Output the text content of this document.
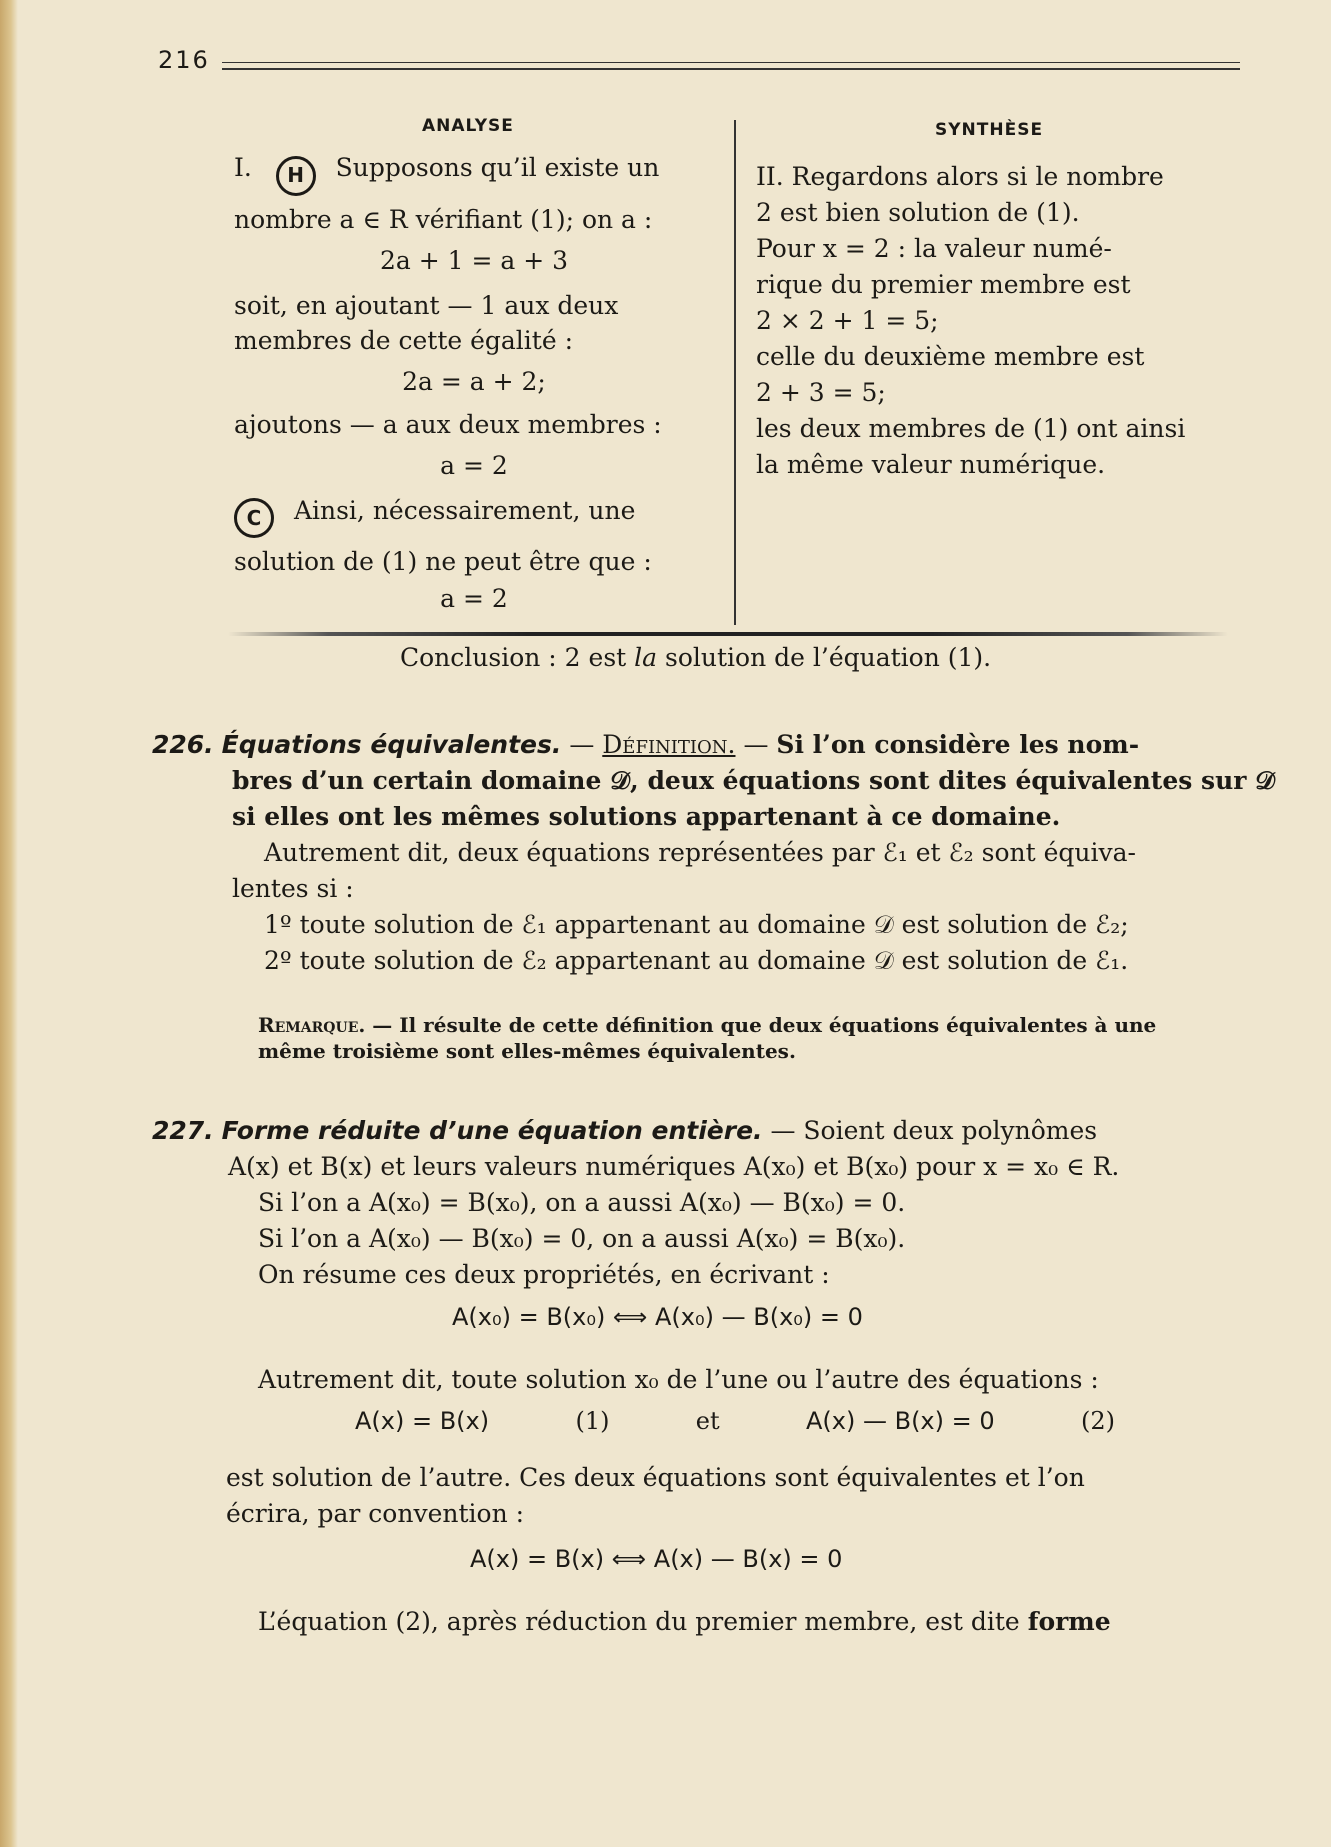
216
ANALYSE
I. H Supposons qu’il existe un
nombre a ∈ R vérifiant (1); on a :
2a + 1 = a + 3
soit, en ajoutant — 1 aux deux
membres de cette égalité :
2a = a + 2;
ajoutons — a aux deux membres :
a = 2
C Ainsi, nécessairement, une
solution de (1) ne peut être que :
a = 2
SYNTHÈSE
II. Regardons alors si le nombre
2 est bien solution de (1).
Pour x = 2 : la valeur numé-
rique du premier membre est
2 × 2 + 1 = 5;
celle du deuxième membre est
2 + 3 = 5;
les deux membres de (1) ont ainsi
la même valeur numérique.
Conclusion : 2 est la solution de l’équation (1).
226. Équations équivalentes. — Définition. — Si l’on considère les nom-
bres d’un certain domaine 𝒟, deux équations sont dites équivalentes sur 𝒟
si elles ont les mêmes solutions appartenant à ce domaine.
Autrement dit, deux équations représentées par ℰ₁ et ℰ₂ sont équiva-
lentes si :
1º toute solution de ℰ₁ appartenant au domaine 𝒟 est solution de ℰ₂;
2º toute solution de ℰ₂ appartenant au domaine 𝒟 est solution de ℰ₁.
Remarque. — Il résulte de cette définition que deux équations équivalentes à une
même troisième sont elles-mêmes équivalentes.
227. Forme réduite d’une équation entière. — Soient deux polynômes
A(x) et B(x) et leurs valeurs numériques A(x₀) et B(x₀) pour x = x₀ ∈ R.
Si l’on a A(x₀) = B(x₀), on a aussi A(x₀) — B(x₀) = 0.
Si l’on a A(x₀) — B(x₀) = 0, on a aussi A(x₀) = B(x₀).
On résume ces deux propriétés, en écrivant :
A(x₀) = B(x₀) ⟺ A(x₀) — B(x₀) = 0
Autrement dit, toute solution x₀ de l’une ou l’autre des équations :
A(x) = B(x)	(1)	et	A(x) — B(x) = 0	(2)
est solution de l’autre. Ces deux équations sont équivalentes et l’on
écrira, par convention :
A(x) = B(x) ⟺ A(x) — B(x) = 0
L’équation (2), après réduction du premier membre, est dite forme
